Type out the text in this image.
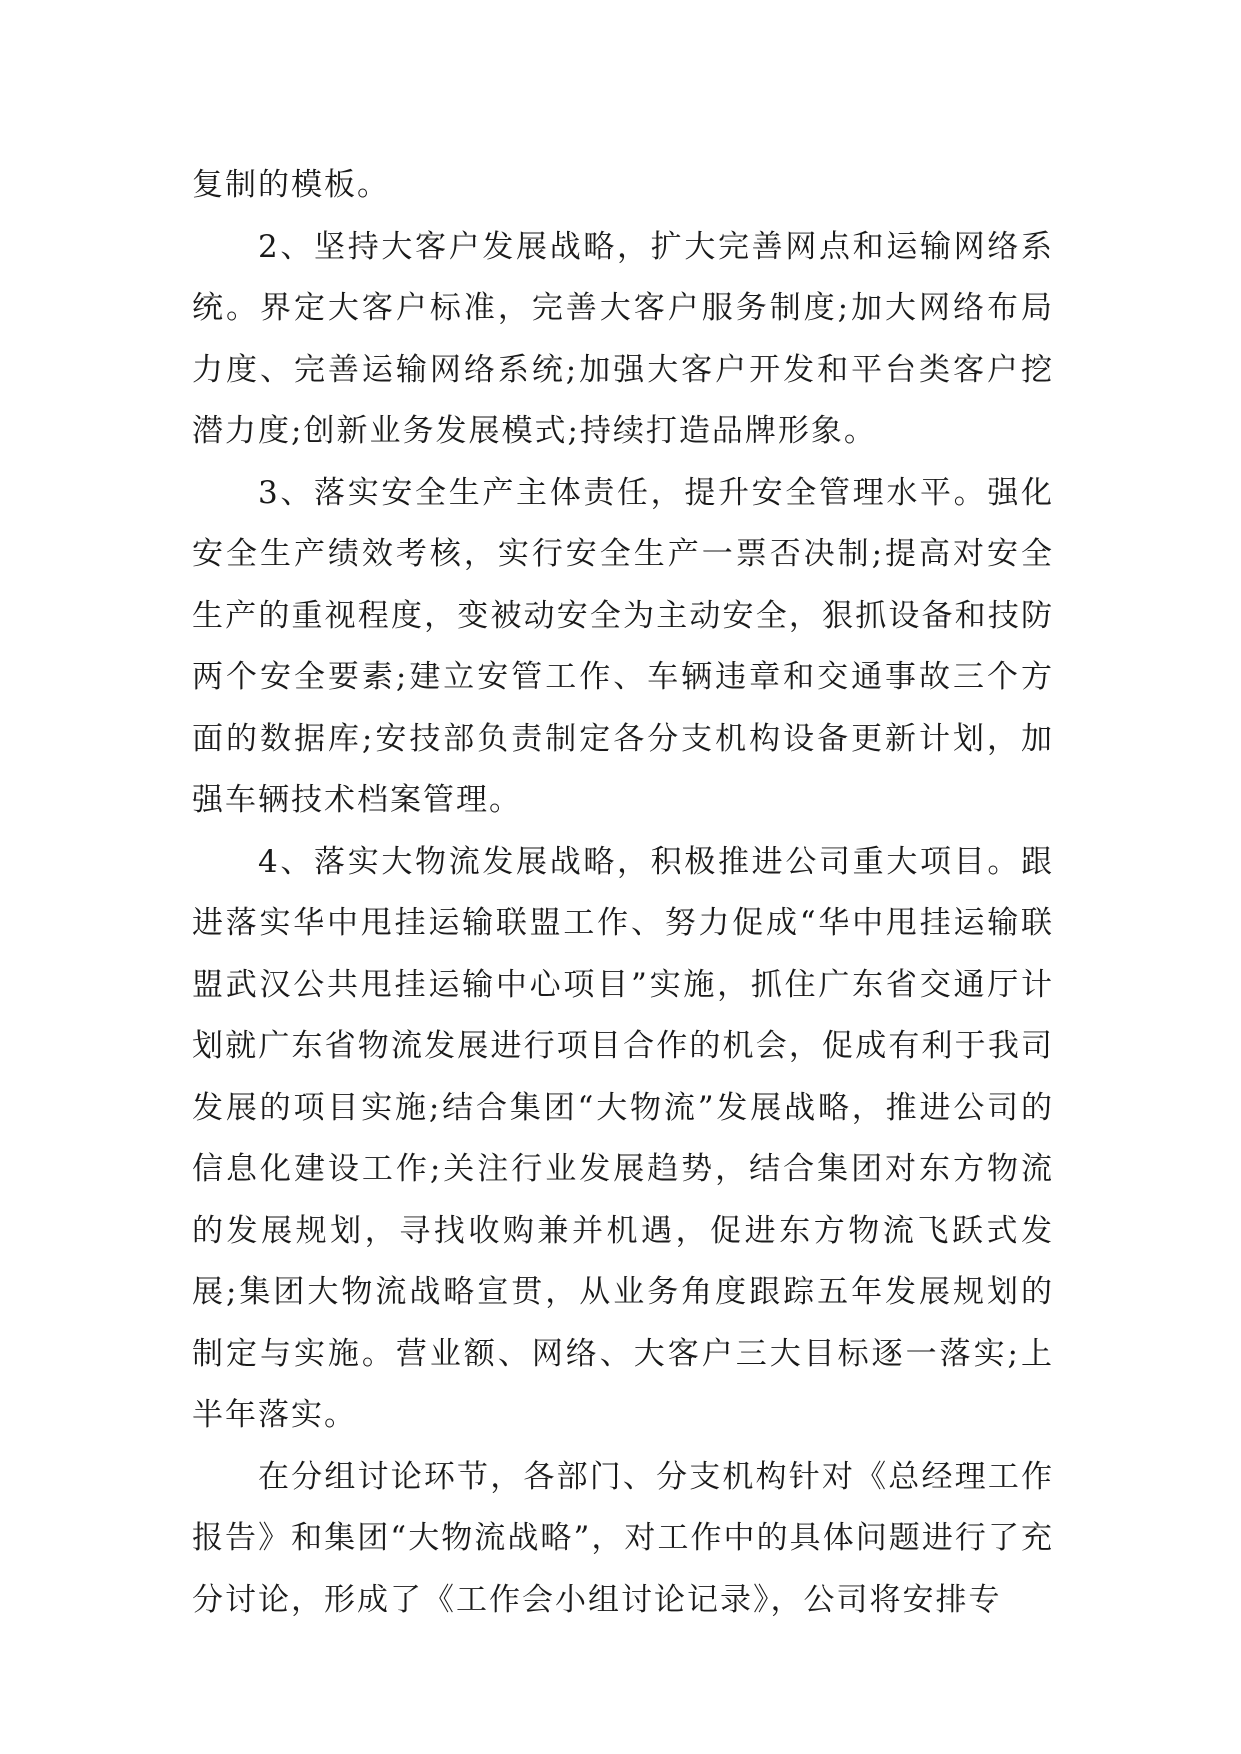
复制的模板。

2、坚持大客户发展战略，扩大完善网点和运输网络系统。界定大客户标准，完善大客户服务制度;加大网络布局力度、完善运输网络系统;加强大客户开发和平台类客户挖潜力度;创新业务发展模式;持续打造品牌形象。

3、落实安全生产主体责任，提升安全管理水平。强化安全生产绩效考核，实行安全生产一票否决制;提高对安全生产的重视程度，变被动安全为主动安全，狠抓设备和技防两个安全要素;建立安管工作、车辆违章和交通事故三个方面的数据库;安技部负责制定各分支机构设备更新计划，加强车辆技术档案管理。

4、落实大物流发展战略，积极推进公司重大项目。跟进落实华中甩挂运输联盟工作、努力促成“华中甩挂运输联盟武汉公共甩挂运输中心项目”实施，抓住广东省交通厅计划就广东省物流发展进行项目合作的机会，促成有利于我司发展的项目实施;结合集团“大物流”发展战略，推进公司的信息化建设工作;关注行业发展趋势，结合集团对东方物流的发展规划，寻找收购兼并机遇，促进东方物流飞跃式发展;集团大物流战略宣贯，从业务角度跟踪五年发展规划的制定与实施。营业额、网络、大客户三大目标逐一落实;上半年落实。

在分组讨论环节，各部门、分支机构针对《总经理工作报告》和集团“大物流战略”，对工作中的具体问题进行了充分讨论，形成了《工作会小组讨论记录》，公司将安排专
